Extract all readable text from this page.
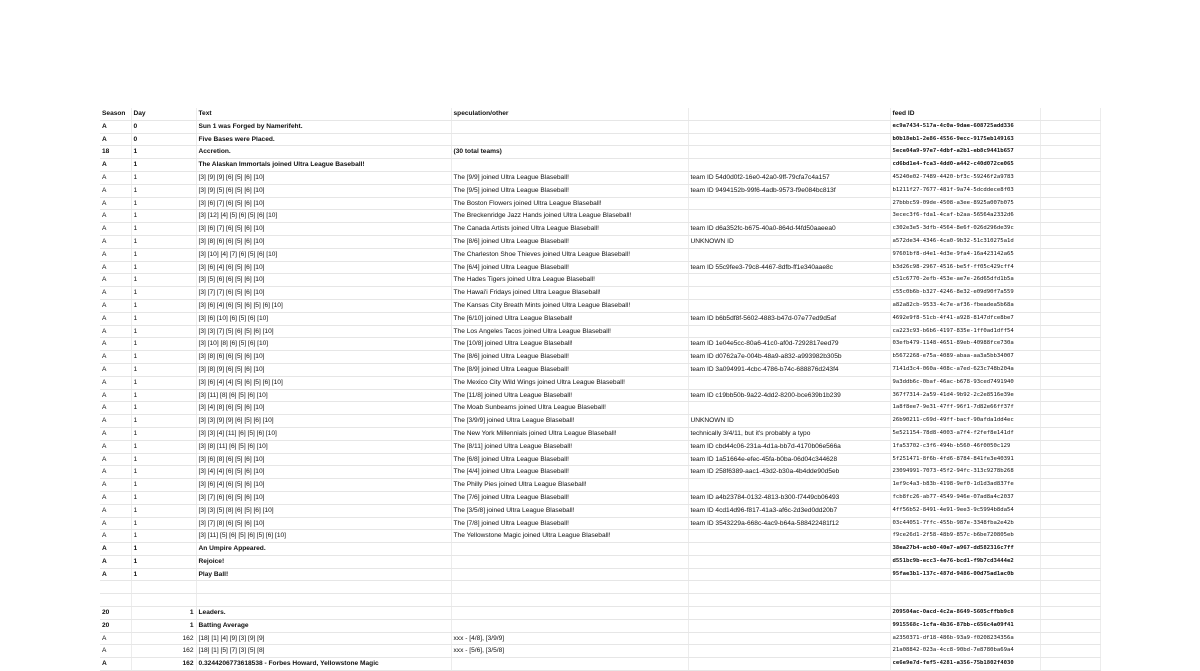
Season	Day	Text	speculation/other		feed ID	
A	0	Sun 1 was Forged by Namerifeht.			ec9a7434-517a-4c0a-9dae-608725add336	
A	0	Five Bases were Placed.			b0b18eb1-2e86-4556-9ecc-9175eb149163	
18	1	Accretion.	(30 total teams)		5ece04a9-97e7-4dbf-a2b1-eb8c9441b657	
A	1	The Alaskan Immortals joined Ultra League Baseball!			cd6bd1e4-fca3-4dd0-a442-c40d072ce065	
A	1	[3] [9] [9] [6] [5] [6] [10]	The [9/9] joined Ultra League Blaseball!	team ID 54d0d0f2-16e0-42a0-9ff-79cfa7c4a157	45240e02-7489-4420-bf3c-59246f2a9783	
A	1	[3] [9] [5] [6] [5] [6] [10]	The [9/5] joined Ultra League Blaseball!	team ID 9494152b-99f6-4adb-9573-f9e084bc813f	b1211f27-7677-481f-9a74-5dcddece8f03	
A	1	[3] [6] [7] [6] [5] [6] [10]	The Boston Flowers joined Ultra League Blaseball!		27bbbc59-09de-4508-a3ee-8925a007b075	
A	1	[3] [12] [4] [5] [6] [5] [6] [10]	The Breckenridge Jazz Hands joined Ultra League Blaseball!		3ecec3f6-fda1-4caf-b2aa-56564a2332d6	
A	1	[3] [6] [7] [6] [5] [6] [10]	The Canada Artists joined Ultra League Blaseball!	team ID d6a352fc-b675-40a0-864d-f4fd50aaeea0	c302e3e5-3dfb-4564-8e6f-026d296de39c	
A	1	[3] [8] [6] [6] [5] [6] [10]	The [8/6] joined Ultra League Blaseball!	UNKNOWN ID	a572de34-4346-4ca0-9b32-51c310275a1d	
A	1	[3] [10] [4] [7] [6] [5] [6] [10]	The Charleston Shoe Thieves joined Ultra League Blaseball!		97601bf8-d4e1-4d3e-9fa4-16a423142a65	
A	1	[3] [6] [4] [6] [5] [6] [10]	The [6/4] joined Ultra League Blaseball!	team ID 55c9fee3-79c8-4467-8dfb-ff1e340aae8c	b3d26c98-2967-4516-be5f-ff05c429cff4	
A	1	[3] [5] [6] [6] [5] [6] [10]	The Hades Tigers joined Ultra League Blaseball!		c51c6770-2efb-453e-ae7e-26d65dfd1b5a	
A	1	[3] [7] [7] [6] [5] [6] [10]	The Hawai'i Fridays joined Ultra League Blaseball!		c55c0b6b-b327-4246-8e32-e09d90f7a559	
A	1	[3] [6] [4] [6] [5] [6] [5] [6] [10]	The Kansas City Breath Mints joined Ultra League Blaseball!		a82a82cb-9533-4c7e-af36-fbeadea5b68a	
A	1	[3] [6] [10] [6] [5] [6] [10]	The [6/10] joined Ultra League Blaseball!	team ID b6b5df8f-5602-4883-b47d-07e77ed9d5af	4692e9f8-51cb-4f41-a928-8147dfce8be7	
A	1	[3] [3] [7] [5] [6] [5] [6] [10]	The Los Angeles Tacos joined Ultra League Blaseball!		ca223c93-b6b6-4197-835e-1ff0ad1dff54	
A	1	[3] [10] [8] [6] [5] [6] [10]	The [10/8] joined Ultra League Blaseball!	team ID 1e04e5cc-80a6-41c0-af0d-7292817eed79	03efb479-1148-4651-89eb-40988fce730a	
A	1	[3] [8] [6] [6] [5] [6] [10]	The [8/6] joined Ultra League Blaseball!	team ID d0762a7e-004b-48a9-a832-a993982b305b	b5672268-e75a-4089-abaa-aa3a5bb34007	
A	1	[3] [8] [9] [6] [5] [6] [10]	The [8/9] joined Ultra League Blaseball!	team ID 3a094991-4cbc-4786-b74c-688876d243f4	7141d3c4-060a-408c-a7ed-623c748b204a	
A	1	[3] [6] [4] [4] [5] [6] [5] [6] [10]	The Mexico City Wild Wings joined Ultra League Blaseball!		9a3ddb6c-0baf-46ac-b678-93ced7491940	
A	1	[3] [11] [8] [6] [5] [6] [10]	The [11/8] joined Ultra League Blaseball!	team ID c19bb50b-9a22-4dd2-8200-bce639b1b239	367f7314-2a59-41d4-9b92-2c2e8516e39e	
A	1	[3] [4] [8] [6] [5] [6] [10]	The Moab Sunbeams joined Ultra League Blaseball!		1a8f8ee7-9e31-47ff-96f1-7d82e66ff37f	
A	1	[3] [3] [9] [9] [6] [5] [6] [10]	The [3/9/9] joined Ultra League Blaseball!	UNKNOWN ID	26b90211-c69d-49ff-bacf-90afda1dd4ec	
A	1	[3] [3] [4] [11] [6] [5] [6] [10]	The New York Millennials joined Ultra League Blaseball!	technically 3/4/11, but it's probably a typo	5e521154-78d8-4003-a7f4-f2fef8e141df	
A	1	[3] [8] [11] [6] [5] [6] [10]	The [8/11] joined Ultra League Blaseball!	team ID cbd44c06-231a-4d1a-bb7d-4170b06e566a	1fa53702-c3f6-494b-b560-46f0050c129	
A	1	[3] [6] [8] [6] [5] [6] [10]	The [6/8] joined Ultra League Blaseball!	team ID 1a51664e-efec-45fa-b0ba-06d04c344628	5f251471-8f6b-4fd6-8784-841fe3e40391	
A	1	[3] [4] [4] [6] [5] [6] [10]	The [4/4] joined Ultra League Blaseball!	team ID 258f6389-aac1-43d2-b30a-4b4dde90d5eb	23094991-7073-45f2-94fc-313c9278b268	
A	1	[3] [6] [4] [6] [5] [6] [10]	The Philly Pies joined Ultra League Blaseball!		1ef9c4a3-b83b-4198-9ef0-1d1d3ad837fe	
A	1	[3] [7] [6] [6] [5] [6] [10]	The [7/6] joined Ultra League Blaseball!	team ID a4b23784-0132-4813-b300-f7449cb06493	fcb8fc26-ab77-4549-946e-07ad8a4c2037	
A	1	[3] [3] [5] [8] [6] [5] [6] [10]	The [3/5/8] joined Ultra League Blaseball!	team ID 4cd14d96-f817-41a3-af6c-2d3ed0dd20b7	4ff56b52-8491-4e91-9ee3-9c5994b8da54	
A	1	[3] [7] [8] [6] [5] [6] [10]	The [7/8] joined Ultra League Blaseball!	team ID 3543229a-668c-4ac9-b64a-588422481f12	03c44051-7ffc-455b-987e-3348fba2e42b	
A	1	[3] [11] [5] [6] [5] [6] [5] [6] [10]	The Yellowstone Magic joined Ultra League Blaseball!		f9ce26d1-2f58-48b9-857c-b6be720805eb	
A	1	An Umpire Appeared.			38ea27b4-acb0-40e7-a967-dd582316c7ff	
A	1	Rejoice!			d551bc9b-ecc3-4e76-bcd1-f9b7cd3444e2	
A	1	Play Ball!			95fae3b1-137c-487d-9486-00d75ad1ac0b	

20	1	Leaders.			209504ac-0acd-4c2a-8649-5605cffbb9c8	
20	1	Batting Average			9915568c-1cfa-4b36-87bb-c656c4a09f41	
A	162	[18] [1] [4] [9] [3] [9] [9]	xxx - [4/8], [3/9/9]		a2350371-df18-486b-93a9-f0208234356a	
A	162	[18] [1] [5] [7] [3] [5] [8]	xxx - [5/6], [3/5/8]		21a08842-023a-4cc8-90bd-7e8780ba69a4	
A	162	0.3244206773618538 - Forbes Howard, Yellowstone Magic			ce6e9e7d-fef5-4281-a356-75b1802f4030	
